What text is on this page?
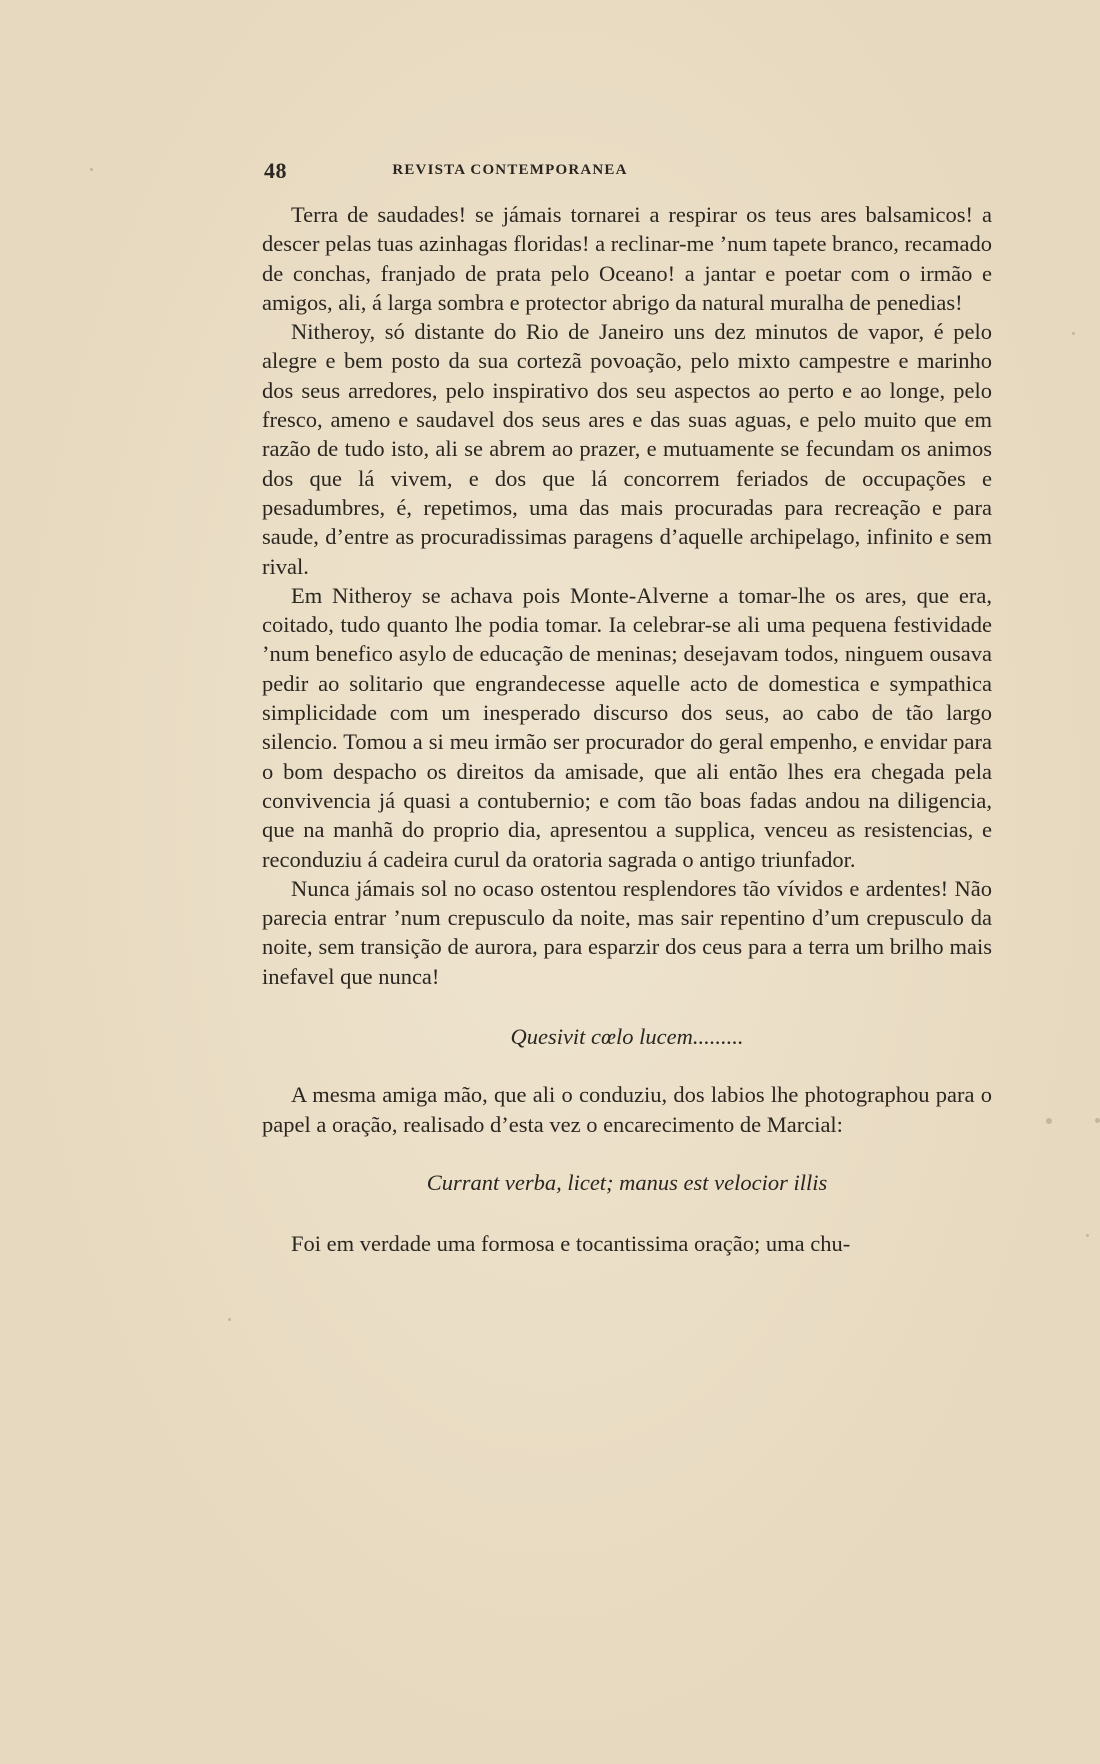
48	REVISTA CONTEMPORANEA

Terra de saudades! se jámais tornarei a respirar os teus ares balsamicos! a descer pelas tuas azinhagas floridas! a reclinar-me ’num tapete branco, recamado de conchas, franjado de prata pelo Oceano! a jantar e poetar com o irmão e amigos, ali, á larga sombra e protector abrigo da natural muralha de penedias!

Nitheroy, só distante do Rio de Janeiro uns dez minutos de vapor, é pelo alegre e bem posto da sua cortezã povoação, pelo mixto campestre e marinho dos seus arredores, pelo inspirativo dos seu aspectos ao perto e ao longe, pelo fresco, ameno e saudavel dos seus ares e das suas aguas, e pelo muito que em razão de tudo isto, ali se abrem ao prazer, e mutuamente se fecundam os animos dos que lá vivem, e dos que lá concorrem feriados de occupações e pesadumbres, é, repetimos, uma das mais procuradas para recreação e para saude, d’entre as procuradissimas paragens d’aquelle archipelago, infinito e sem rival.

Em Nitheroy se achava pois Monte-Alverne a tomar-lhe os ares, que era, coitado, tudo quanto lhe podia tomar. Ia celebrar-se ali uma pequena festividade ’num benefico asylo de educação de meninas; desejavam todos, ninguem ousava pedir ao solitario que engrandecesse aquelle acto de domestica e sympathica simplicidade com um inesperado discurso dos seus, ao cabo de tão largo silencio. Tomou a si meu irmão ser procurador do geral empenho, e envidar para o bom despacho os direitos da amisade, que ali então lhes era chegada pela convivencia já quasi a contubernio; e com tão boas fadas andou na diligencia, que na manhã do proprio dia, apresentou a supplica, venceu as resistencias, e reconduziu á cadeira curul da oratoria sagrada o antigo triunfador.

Nunca jámais sol no ocaso ostentou resplendores tão vívidos e ardentes! Não parecia entrar ’num crepusculo da noite, mas sair repentino d’um crepusculo da noite, sem transição de aurora, para esparzir dos ceus para a terra um brilho mais inefavel que nunca!

Quesivit cœlo lucem.........

A mesma amiga mão, que ali o conduziu, dos labios lhe photographou para o papel a oração, realisado d’esta vez o encarecimento de Marcial:

Currant verba, licet; manus est velocior illis

Foi em verdade uma formosa e tocantissima oração; uma chu-
